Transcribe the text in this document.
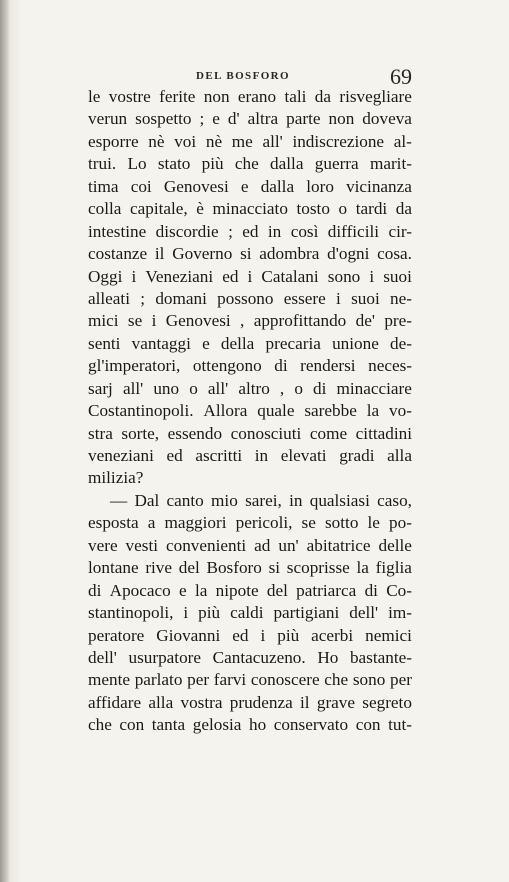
DEL BOSFORO	69
le vostre ferite non erano tali da risvegliare
verun sospetto ; e d' altra parte non doveva
esporre nè voi nè me all' indiscrezione al-
trui. Lo stato più che dalla guerra marit-
tima coi Genovesi e dalla loro vicinanza
colla capitale, è minacciato tosto o tardi da
intestine discordie ; ed in così difficili cir-
costanze il Governo si adombra d'ogni cosa.
Oggi i Veneziani ed i Catalani sono i suoi
alleati ; domani possono essere i suoi ne-
mici se i Genovesi , approfittando de' pre-
senti vantaggi e della precaria unione de-
gl'imperatori, ottengono di rendersi neces-
sarj all' uno o all' altro , o di minacciare
Costantinopoli. Allora quale sarebbe la vo-
stra sorte, essendo conosciuti come cittadini
veneziani ed ascritti in elevati gradi alla
milizia?
— Dal canto mio sarei, in qualsiasi caso,
esposta a maggiori pericoli, se sotto le po-
vere vesti convenienti ad un' abitatrice delle
lontane rive del Bosforo si scoprisse la figlia
di Apocaco e la nipote del patriarca di Co-
stantinopoli, i più caldi partigiani dell' im-
peratore Giovanni ed i più acerbi nemici
dell' usurpatore Cantacuzeno. Ho bastante-
mente parlato per farvi conoscere che sono per
affidare alla vostra prudenza il grave segreto
che con tanta gelosia ho conservato con tut-
